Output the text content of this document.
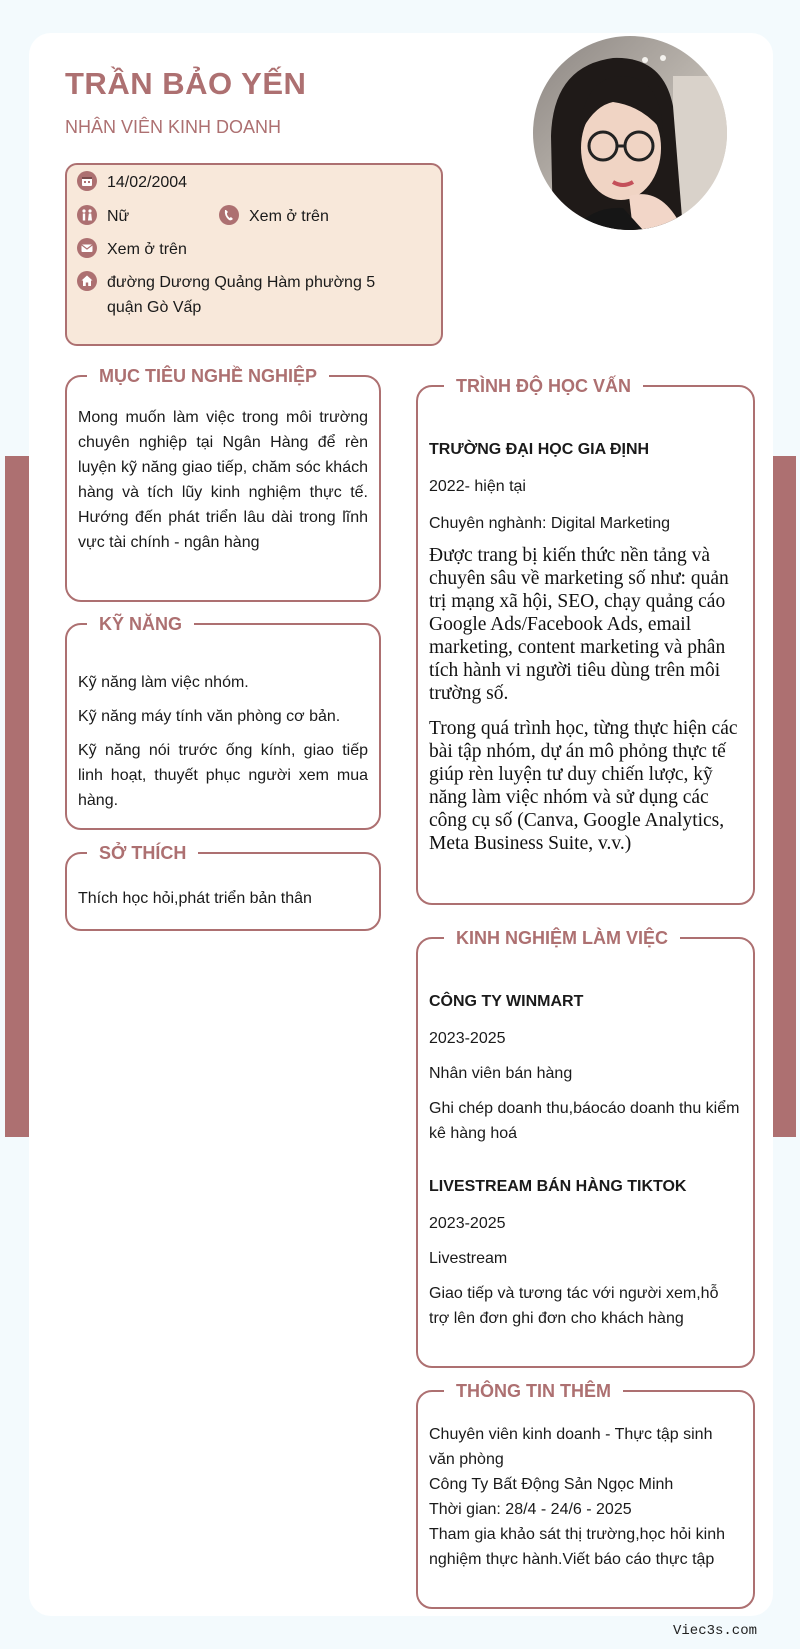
TRẦN BẢO YẾN
NHÂN VIÊN KINH DOANH
14/02/2004
Nữ	Xem ở trên
Xem ở trên
đường Dương Quảng Hàm phường 5 quận Gò Vấp
MỤC TIÊU NGHỀ NGHIỆP
Mong muốn làm việc trong môi trường chuyên nghiệp tại Ngân Hàng để rèn luyện kỹ năng giao tiếp, chăm sóc khách hàng và tích lũy kinh nghiệm thực tế. Hướng đến phát triển lâu dài trong lĩnh vực tài chính - ngân hàng
KỸ NĂNG

Kỹ năng làm việc nhóm.

Kỹ năng máy tính văn phòng cơ bản.

Kỹ năng nói trước ống kính, giao tiếp linh hoạt, thuyết phục người xem mua hàng.

SỞ THÍCH
Thích học hỏi,phát triển bản thân
TRÌNH ĐỘ HỌC VẤN

TRƯỜNG ĐẠI HỌC GIA ĐỊNH

2022- hiện tại

Chuyên nghành: Digital Marketing

Được trang bị kiến thức nền tảng và chuyên sâu về marketing số như: quản trị mạng xã hội, SEO, chạy quảng cáo Google Ads/Facebook Ads, email marketing, content marketing và phân tích hành vi người tiêu dùng trên môi trường số.

Trong quá trình học, từng thực hiện các bài tập nhóm, dự án mô phỏng thực tế giúp rèn luyện tư duy chiến lược, kỹ năng làm việc nhóm và sử dụng các công cụ số (Canva, Google Analytics, Meta Business Suite, v.v.)

KINH NGHIỆM LÀM VIỆC

CÔNG TY WINMART

2023-2025

Nhân viên bán hàng

Ghi chép doanh thu,báocáo doanh thu kiểm kê hàng hoá

LIVESTREAM BÁN HÀNG TIKTOK

2023-2025

Livestream

Giao tiếp và tương tác với người xem,hỗ trợ lên đơn ghi đơn cho khách hàng

THÔNG TIN THÊM

Chuyên viên kinh doanh - Thực tập sinh văn phòng

Công Ty Bất Động Sản Ngọc Minh

Thời gian: 28/4 - 24/6 - 2025

Tham gia khảo sát thị trường,học hỏi kinh nghiệm thực hành.Viết báo cáo thực tập

Viec3s.com
